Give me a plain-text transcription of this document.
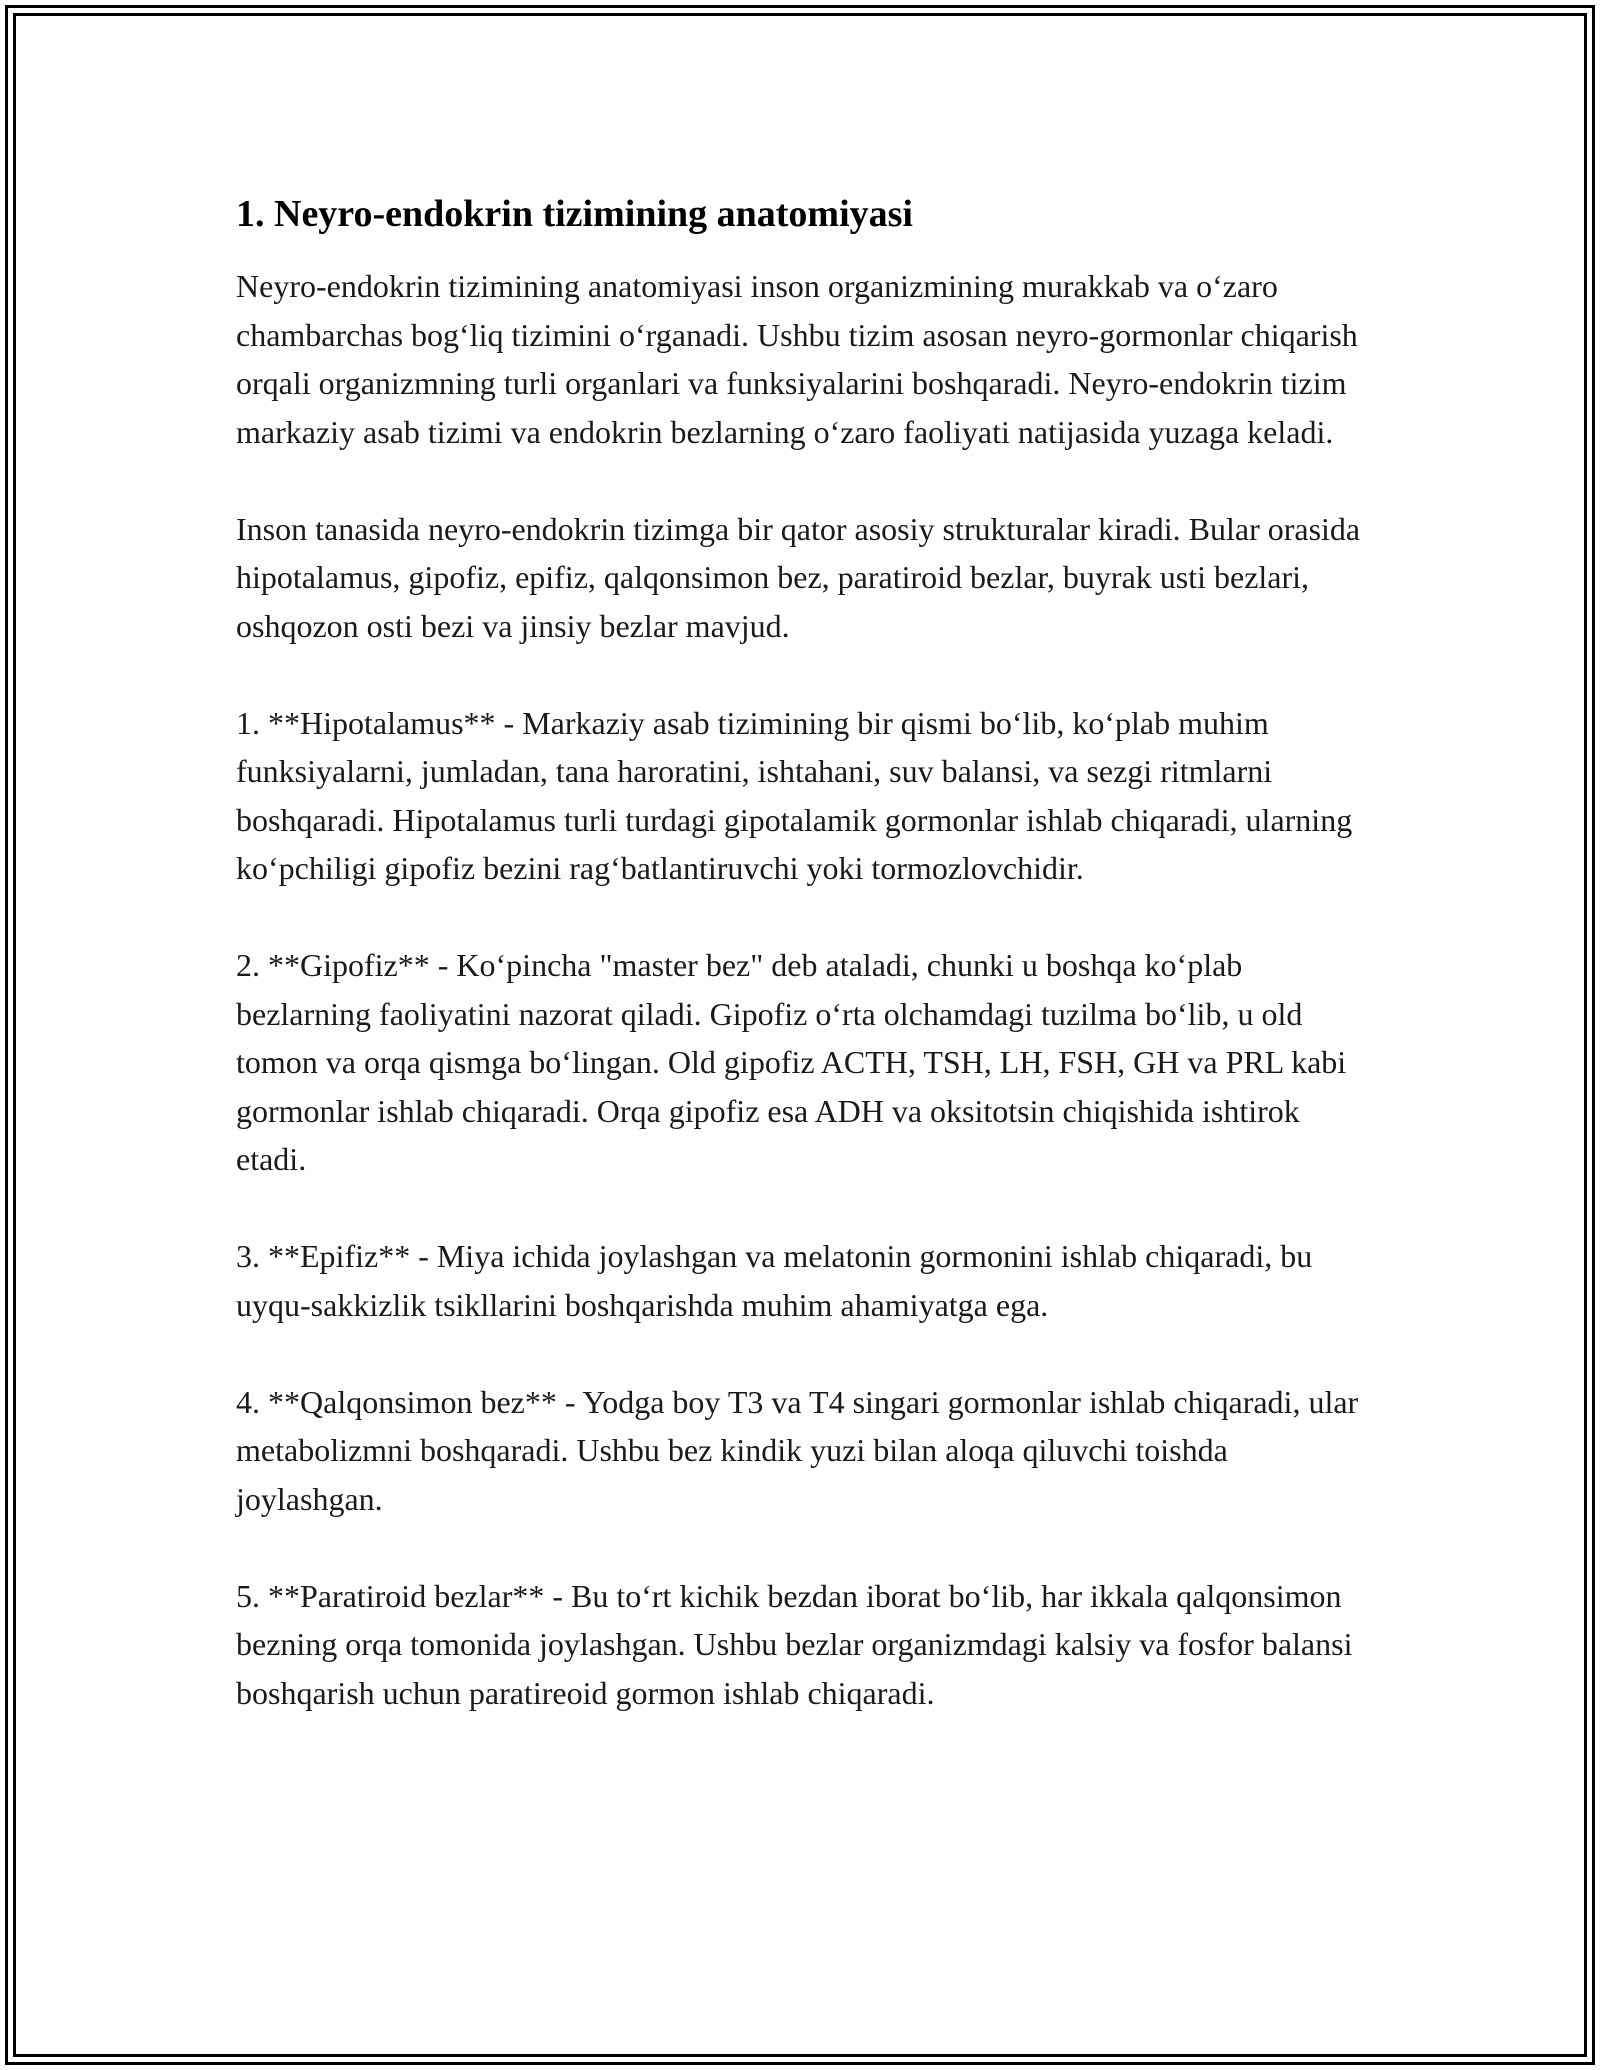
1. Neyro-endokrin tizimining anatomiyasi

Neyro-endokrin tizimining anatomiyasi inson organizmining murakkab va o‘zaro chambarchas bog‘liq tizimini o‘rganadi. Ushbu tizim asosan neyro-gormonlar chiqarish orqali organizmning turli organlari va funksiyalarini boshqaradi. Neyro-endokrin tizim markaziy asab tizimi va endokrin bezlarning o‘zaro faoliyati natijasida yuzaga keladi.

Inson tanasida neyro-endokrin tizimga bir qator asosiy strukturalar kiradi. Bular orasida hipotalamus, gipofiz, epifiz, qalqonsimon bez, paratiroid bezlar, buyrak usti bezlari, oshqozon osti bezi va jinsiy bezlar mavjud.

1. **Hipotalamus** - Markaziy asab tizimining bir qismi bo‘lib, ko‘plab muhim funksiyalarni, jumladan, tana haroratini, ishtahani, suv balansi, va sezgi ritmlarni boshqaradi. Hipotalamus turli turdagi gipotalamik gormonlar ishlab chiqaradi, ularning ko‘pchiligi gipofiz bezini rag‘batlantiruvchi yoki tormozlovchidir.

2. **Gipofiz** - Ko‘pincha "master bez" deb ataladi, chunki u boshqa ko‘plab bezlarning faoliyatini nazorat qiladi. Gipofiz o‘rta olchamdagi tuzilma bo‘lib, u old tomon va orqa qismga bo‘lingan. Old gipofiz ACTH, TSH, LH, FSH, GH va PRL kabi gormonlar ishlab chiqaradi. Orqa gipofiz esa ADH va oksitotsin chiqishida ishtirok etadi.

3. **Epifiz** - Miya ichida joylashgan va melatonin gormonini ishlab chiqaradi, bu uyqu-sakkizlik tsikllarini boshqarishda muhim ahamiyatga ega.

4. **Qalqonsimon bez** - Yodga boy T3 va T4 singari gormonlar ishlab chiqaradi, ular metabolizmni boshqaradi. Ushbu bez kindik yuzi bilan aloqa qiluvchi toishda joylashgan.

5. **Paratiroid bezlar** - Bu to‘rt kichik bezdan iborat bo‘lib, har ikkala qalqonsimon bezning orqa tomonida joylashgan. Ushbu bezlar organizmdagi kalsiy va fosfor balansi boshqarish uchun paratireoid gormon ishlab chiqaradi.
